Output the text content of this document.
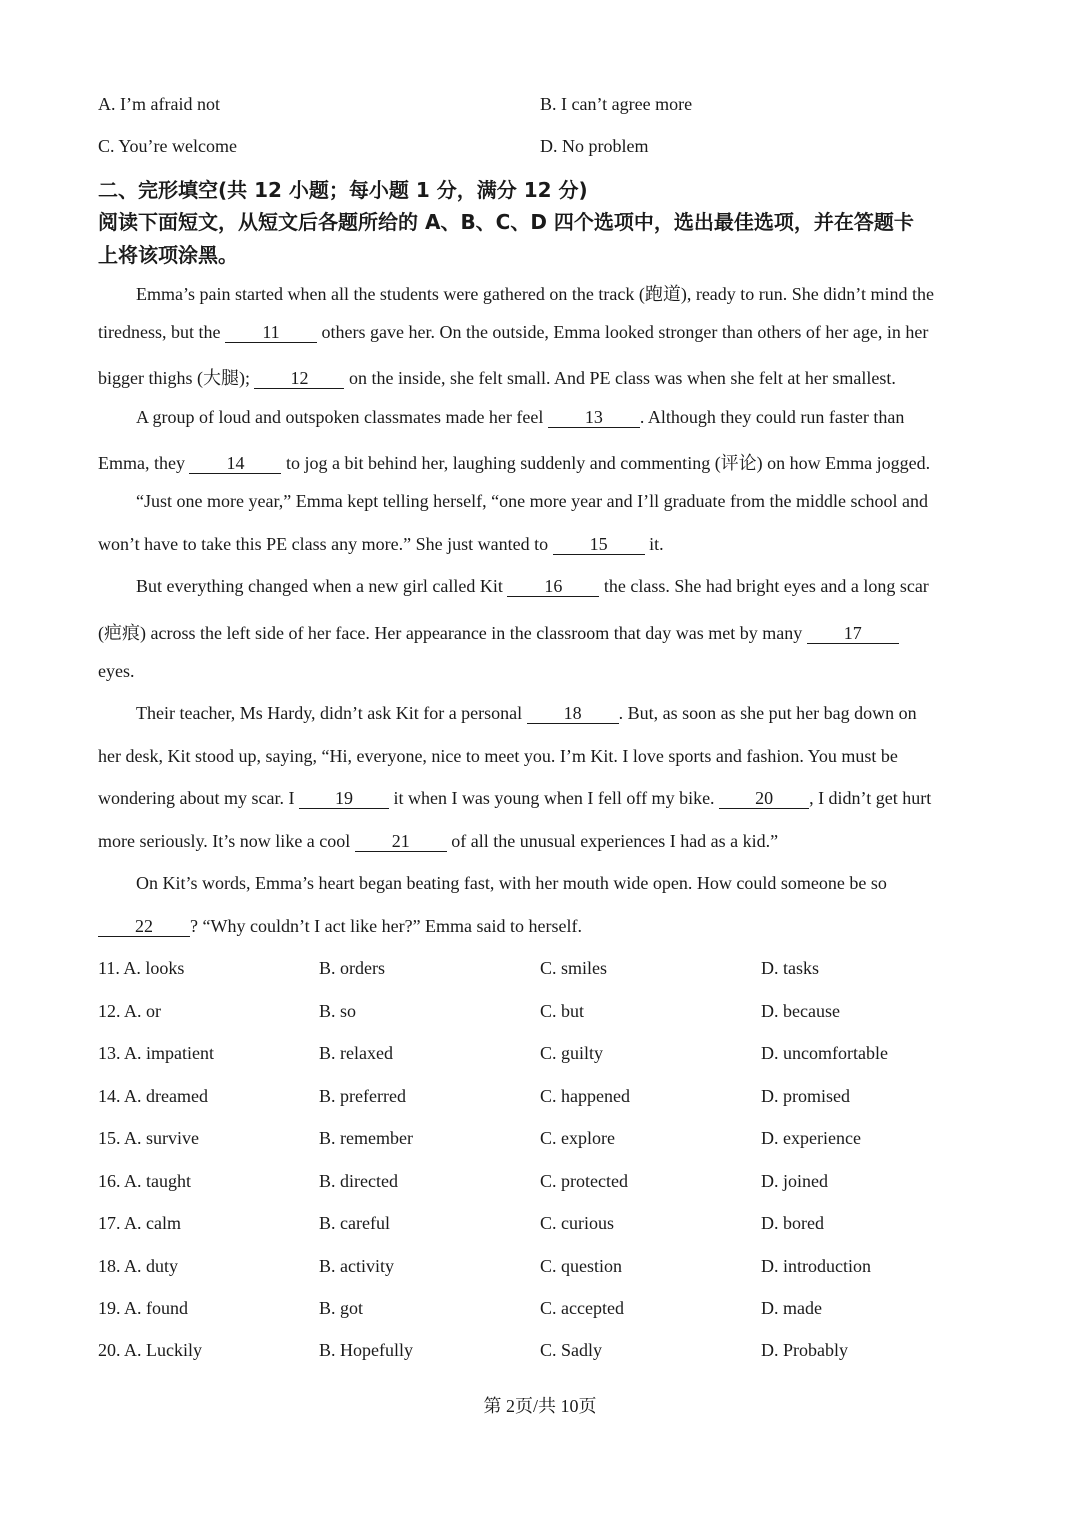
A. I’m afraid not	B. I can’t agree more
C. You’re welcome	D. No problem
二、完形填空(共 12 小题；每小题 1 分，满分 12 分)
阅读下面短文，从短文后各题所给的 A、B、C、D 四个选项中，选出最佳选项，并在答题卡
上将该项涂黑。
Emma’s pain started when all the students were gathered on the track (跑道), ready to run. She didn’t mind the
tiredness, but the 11 others gave her. On the outside, Emma looked stronger than others of her age, in her
bigger thighs (大腿); 12 on the inside, she felt small. And PE class was when she felt at her smallest.
A group of loud and outspoken classmates made her feel 13 . Although they could run faster than
Emma, they 14 to jog a bit behind her, laughing suddenly and commenting (评论) on how Emma jogged.
“Just one more year,” Emma kept telling herself, “one more year and I’ll graduate from the middle school and
won’t have to take this PE class any more.” She just wanted to 15 it.
But everything changed when a new girl called Kit 16 the class. She had bright eyes and a long scar
(疤痕) across the left side of her face. Her appearance in the classroom that day was met by many 17
eyes.
Their teacher, Ms Hardy, didn’t ask Kit for a personal 18 . But, as soon as she put her bag down on
her desk, Kit stood up, saying, “Hi, everyone, nice to meet you. I’m Kit. I love sports and fashion. You must be
wondering about my scar. I 19 it when I was young when I fell off my bike. 20 , I didn’t get hurt
more seriously. It’s now like a cool 21 of all the unusual experiences I had as a kid.”
On Kit’s words, Emma’s heart began beating fast, with her mouth wide open. How could someone be so
22 ? “Why couldn’t I act like her?” Emma said to herself.
11. A. looks	B. orders	C. smiles	D. tasks
12. A. or	B. so	C. but	D. because
13. A. impatient	B. relaxed	C. guilty	D. uncomfortable
14. A. dreamed	B. preferred	C. happened	D. promised
15. A. survive	B. remember	C. explore	D. experience
16. A. taught	B. directed	C. protected	D. joined
17. A. calm	B. careful	C. curious	D. bored
18. A. duty	B. activity	C. question	D. introduction
19. A. found	B. got	C. accepted	D. made
20. A. Luckily	B. Hopefully	C. Sadly	D. Probably
第 2页/共 10页
